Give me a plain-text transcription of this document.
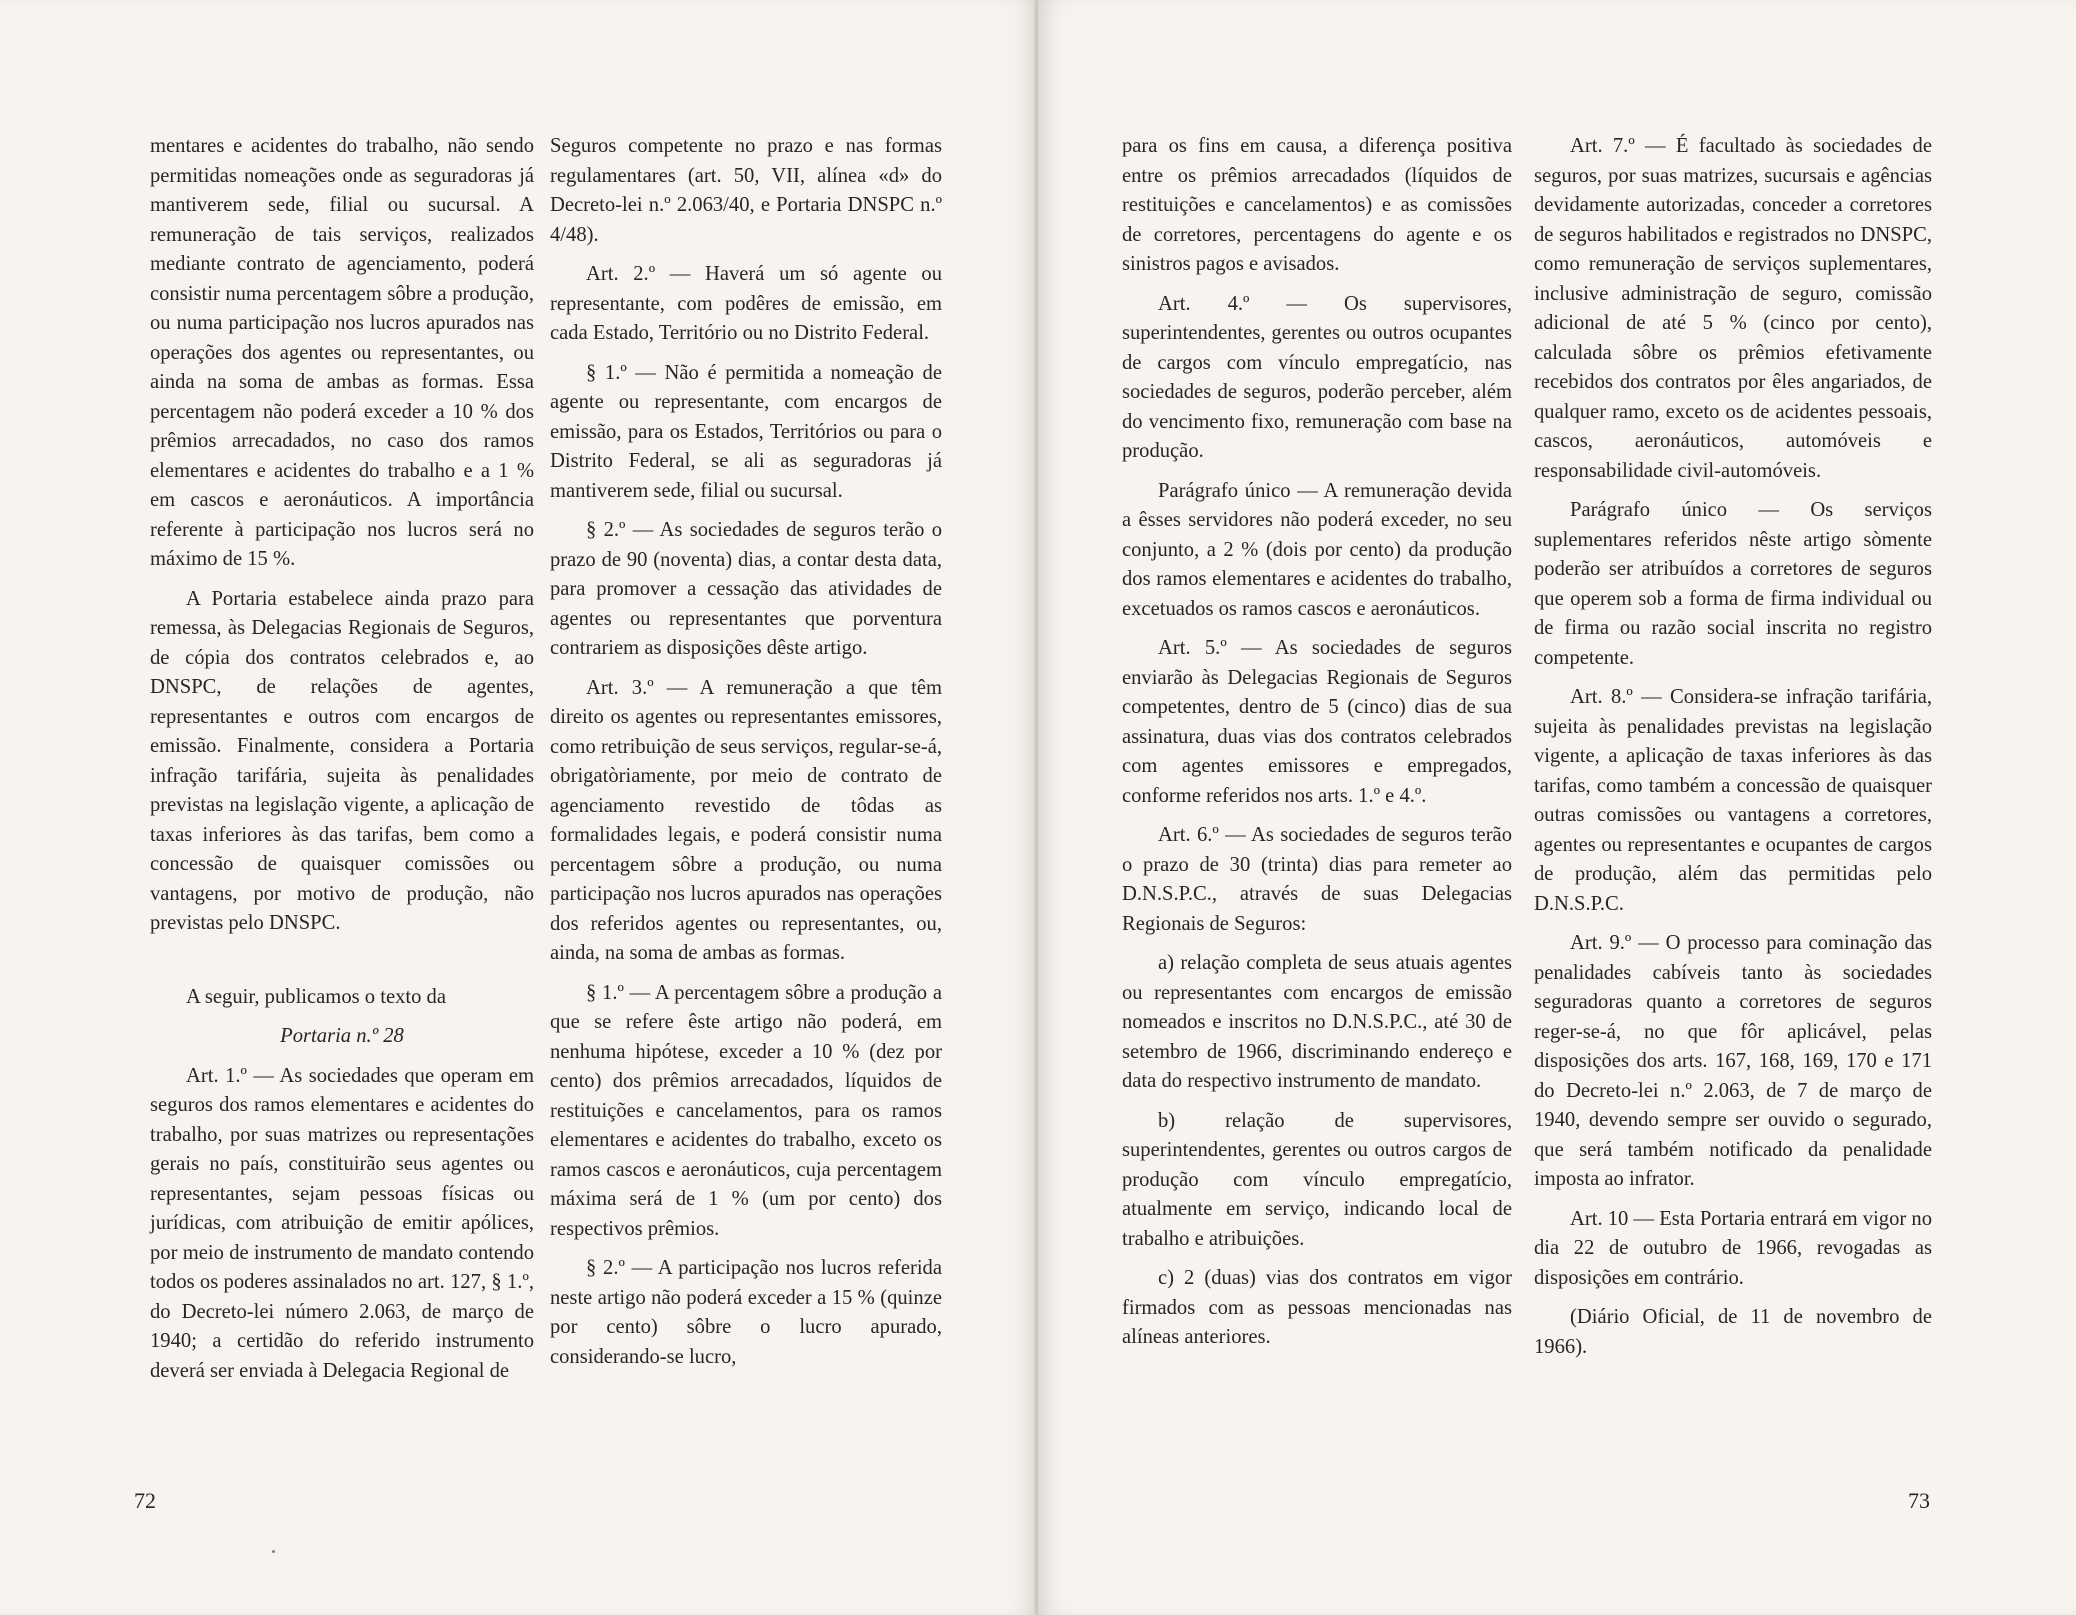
mentares e acidentes do trabalho, não sendo permitidas nomeações onde as seguradoras já mantiverem sede, filial ou sucursal. A remuneração de tais serviços, realizados mediante contrato de agenciamento, poderá consistir numa percentagem sôbre a produção, ou numa participação nos lucros apurados nas operações dos agentes ou representantes, ou ainda na soma de ambas as formas. Essa percentagem não poderá exceder a 10 % dos prêmios arrecadados, no caso dos ramos elementares e acidentes do trabalho e a 1 % em cascos e aeronáuticos. A importância referente à participação nos lucros será no máximo de 15 %.

A Portaria estabelece ainda prazo para remessa, às Delegacias Regionais de Seguros, de cópia dos contratos celebrados e, ao DNSPC, de relações de agentes, representantes e outros com encargos de emissão. Finalmente, considera a Portaria infração tarifária, sujeita às penalidades previstas na legislação vigente, a aplicação de taxas inferiores às das tarifas, bem como a concessão de quaisquer comissões ou vantagens, por motivo de produção, não previstas pelo DNSPC.

A seguir, publicamos o texto da

Portaria n.º 28

Art. 1.º — As sociedades que operam em seguros dos ramos elementares e acidentes do trabalho, por suas matrizes ou representações gerais no país, constituirão seus agentes ou representantes, sejam pessoas físicas ou jurídicas, com atribuição de emitir apólices, por meio de instrumento de mandato contendo todos os poderes assinalados no art. 127, § 1.º, do Decreto-lei número 2.063, de março de 1940; a certidão do referido instrumento deverá ser enviada à Delegacia Regional de

Seguros competente no prazo e nas formas regulamentares (art. 50, VII, alínea «d» do Decreto-lei n.º 2.063/40, e Portaria DNSPC n.º 4/48).

Art. 2.º — Haverá um só agente ou representante, com podêres de emissão, em cada Estado, Território ou no Distrito Federal.

§ 1.º — Não é permitida a nomeação de agente ou representante, com encargos de emissão, para os Estados, Territórios ou para o Distrito Federal, se ali as seguradoras já mantiverem sede, filial ou sucursal.

§ 2.º — As sociedades de seguros terão o prazo de 90 (noventa) dias, a contar desta data, para promover a cessação das atividades de agentes ou representantes que porventura contrariem as disposições dêste artigo.

Art. 3.º — A remuneração a que têm direito os agentes ou representantes emissores, como retribuição de seus serviços, regular-se-á, obrigatòriamente, por meio de contrato de agenciamento revestido de tôdas as formalidades legais, e poderá consistir numa percentagem sôbre a produção, ou numa participação nos lucros apurados nas operações dos referidos agentes ou representantes, ou, ainda, na soma de ambas as formas.

§ 1.º — A percentagem sôbre a produção a que se refere êste artigo não poderá, em nenhuma hipótese, exceder a 10 % (dez por cento) dos prêmios arrecadados, líquidos de restituições e cancelamentos, para os ramos elementares e acidentes do trabalho, exceto os ramos cascos e aeronáuticos, cuja percentagem máxima será de 1 % (um por cento) dos respectivos prêmios.

§ 2.º — A participação nos lucros referida neste artigo não poderá exceder a 15 % (quinze por cento) sôbre o lucro apurado, considerando-se lucro,

72

para os fins em causa, a diferença positiva entre os prêmios arrecadados (líquidos de restituições e cancelamentos) e as comissões de corretores, percentagens do agente e os sinistros pagos e avisados.

Art. 4.º — Os supervisores, superintendentes, gerentes ou outros ocupantes de cargos com vínculo empregatício, nas sociedades de seguros, poderão perceber, além do vencimento fixo, remuneração com base na produção.

Parágrafo único — A remuneração devida a êsses servidores não poderá exceder, no seu conjunto, a 2 % (dois por cento) da produção dos ramos elementares e acidentes do trabalho, excetuados os ramos cascos e aeronáuticos.

Art. 5.º — As sociedades de seguros enviarão às Delegacias Regionais de Seguros competentes, dentro de 5 (cinco) dias de sua assinatura, duas vias dos contratos celebrados com agentes emissores e empregados, conforme referidos nos arts. 1.º e 4.º.

Art. 6.º — As sociedades de seguros terão o prazo de 30 (trinta) dias para remeter ao D.N.S.P.C., através de suas Delegacias Regionais de Seguros:

a) relação completa de seus atuais agentes ou representantes com encargos de emissão nomeados e inscritos no D.N.S.P.C., até 30 de setembro de 1966, discriminando endereço e data do respectivo instrumento de mandato.

b) relação de supervisores, superintendentes, gerentes ou outros cargos de produção com vínculo empregatício, atualmente em serviço, indicando local de trabalho e atribuições.

c) 2 (duas) vias dos contratos em vigor firmados com as pessoas mencionadas nas alíneas anteriores.

Art. 7.º — É facultado às sociedades de seguros, por suas matrizes, sucursais e agências devidamente autorizadas, conceder a corretores de seguros habilitados e registrados no DNSPC, como remuneração de serviços suplementares, inclusive administração de seguro, comissão adicional de até 5 % (cinco por cento), calculada sôbre os prêmios efetivamente recebidos dos contratos por êles angariados, de qualquer ramo, exceto os de acidentes pessoais, cascos, aeronáuticos, automóveis e responsabilidade civil-automóveis.

Parágrafo único — Os serviços suplementares referidos nêste artigo sòmente poderão ser atribuídos a corretores de seguros que operem sob a forma de firma individual ou de firma ou razão social inscrita no registro competente.

Art. 8.º — Considera-se infração tarifária, sujeita às penalidades previstas na legislação vigente, a aplicação de taxas inferiores às das tarifas, como também a concessão de quaisquer outras comissões ou vantagens a corretores, agentes ou representantes e ocupantes de cargos de produção, além das permitidas pelo D.N.S.P.C.

Art. 9.º — O processo para cominação das penalidades cabíveis tanto às sociedades seguradoras quanto a corretores de seguros reger-se-á, no que fôr aplicável, pelas disposições dos arts. 167, 168, 169, 170 e 171 do Decreto-lei n.º 2.063, de 7 de março de 1940, devendo sempre ser ouvido o segurado, que será também notificado da penalidade imposta ao infrator.

Art. 10 — Esta Portaria entrará em vigor no dia 22 de outubro de 1966, revogadas as disposições em contrário.

(Diário Oficial, de 11 de novembro de 1966).

73
